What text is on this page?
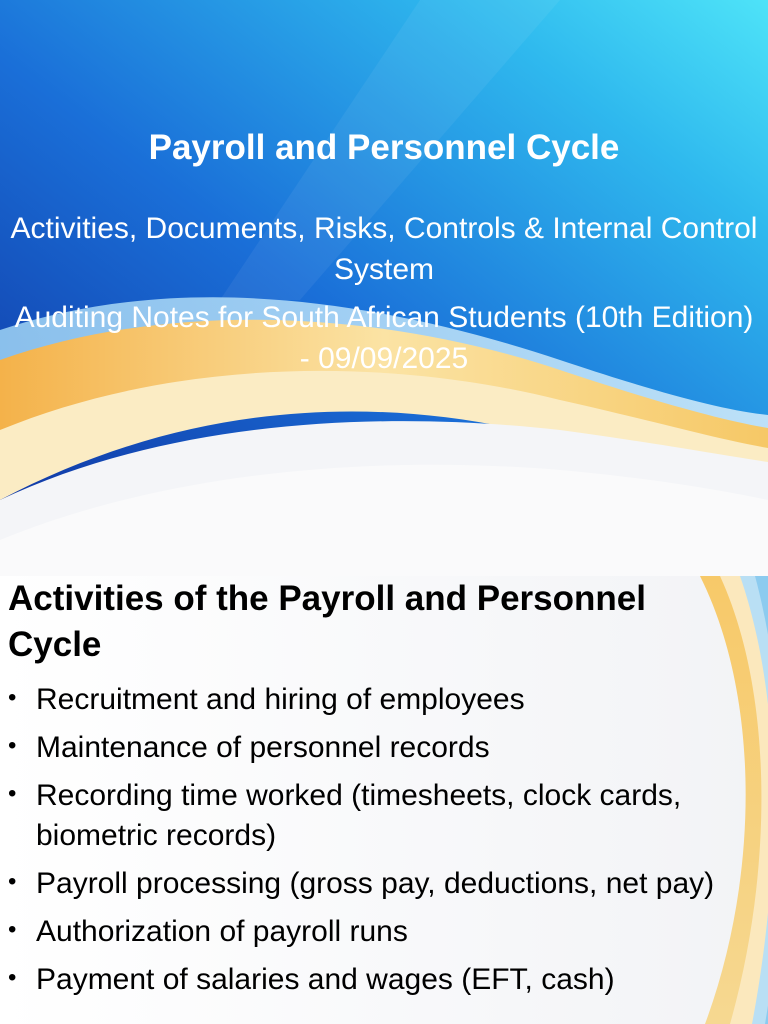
Payroll and Personnel Cycle
Activities, Documents, Risks, Controls & Internal Control System
Auditing Notes for South African Students (10th Edition) - 09/09/2025
Activities of the Payroll and Personnel Cycle
• Recruitment and hiring of employees
• Maintenance of personnel records
• Recording time worked (timesheets, clock cards, biometric records)
• Payroll processing (gross pay, deductions, net pay)
• Authorization of payroll runs
• Payment of salaries and wages (EFT, cash)
